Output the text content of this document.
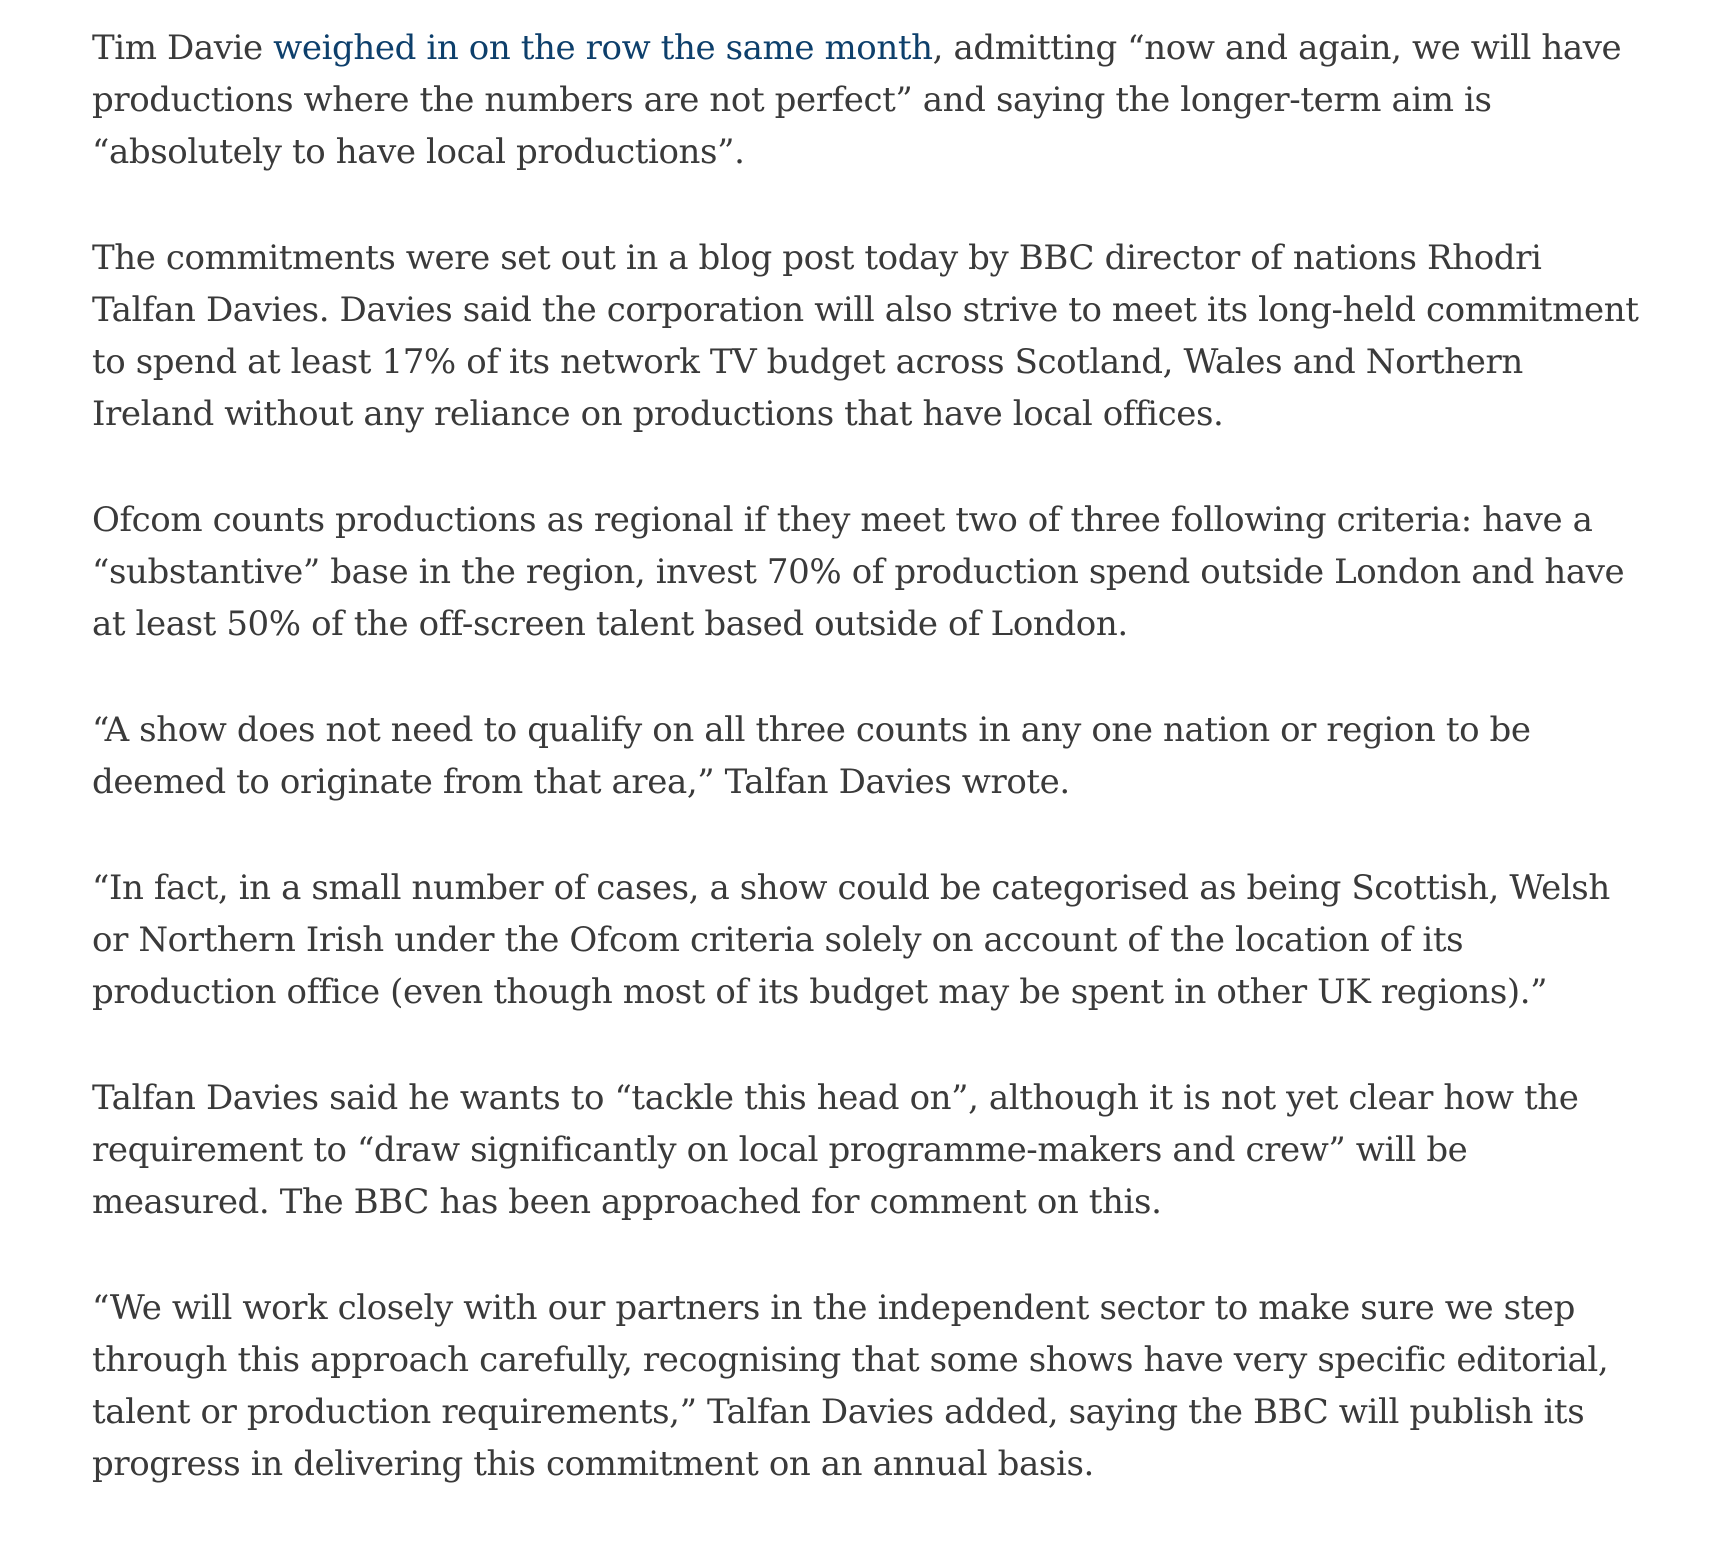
Tim Davie weighed in on the row the same month, admitting “now and again, we will have productions where the numbers are not perfect” and saying the longer-term aim is “absolutely to have local productions”.

The commitments were set out in a blog post today by BBC director of nations Rhodri Talfan Davies. Davies said the corporation will also strive to meet its long-held commitment to spend at least 17% of its network TV budget across Scotland, Wales and Northern Ireland without any reliance on productions that have local offices.

Ofcom counts productions as regional if they meet two of three following criteria: have a “substantive” base in the region, invest 70% of production spend outside London and have at least 50% of the off-screen talent based outside of London.

“A show does not need to qualify on all three counts in any one nation or region to be deemed to originate from that area,” Talfan Davies wrote.

“In fact, in a small number of cases, a show could be categorised as being Scottish, Welsh or Northern Irish under the Ofcom criteria solely on account of the location of its production office (even though most of its budget may be spent in other UK regions).”

Talfan Davies said he wants to “tackle this head on”, although it is not yet clear how the requirement to “draw significantly on local programme-makers and crew” will be measured. The BBC has been approached for comment on this.

“We will work closely with our partners in the independent sector to make sure we step through this approach carefully, recognising that some shows have very specific editorial, talent or production requirements,” Talfan Davies added, saying the BBC will publish its progress in delivering this commitment on an annual basis.
